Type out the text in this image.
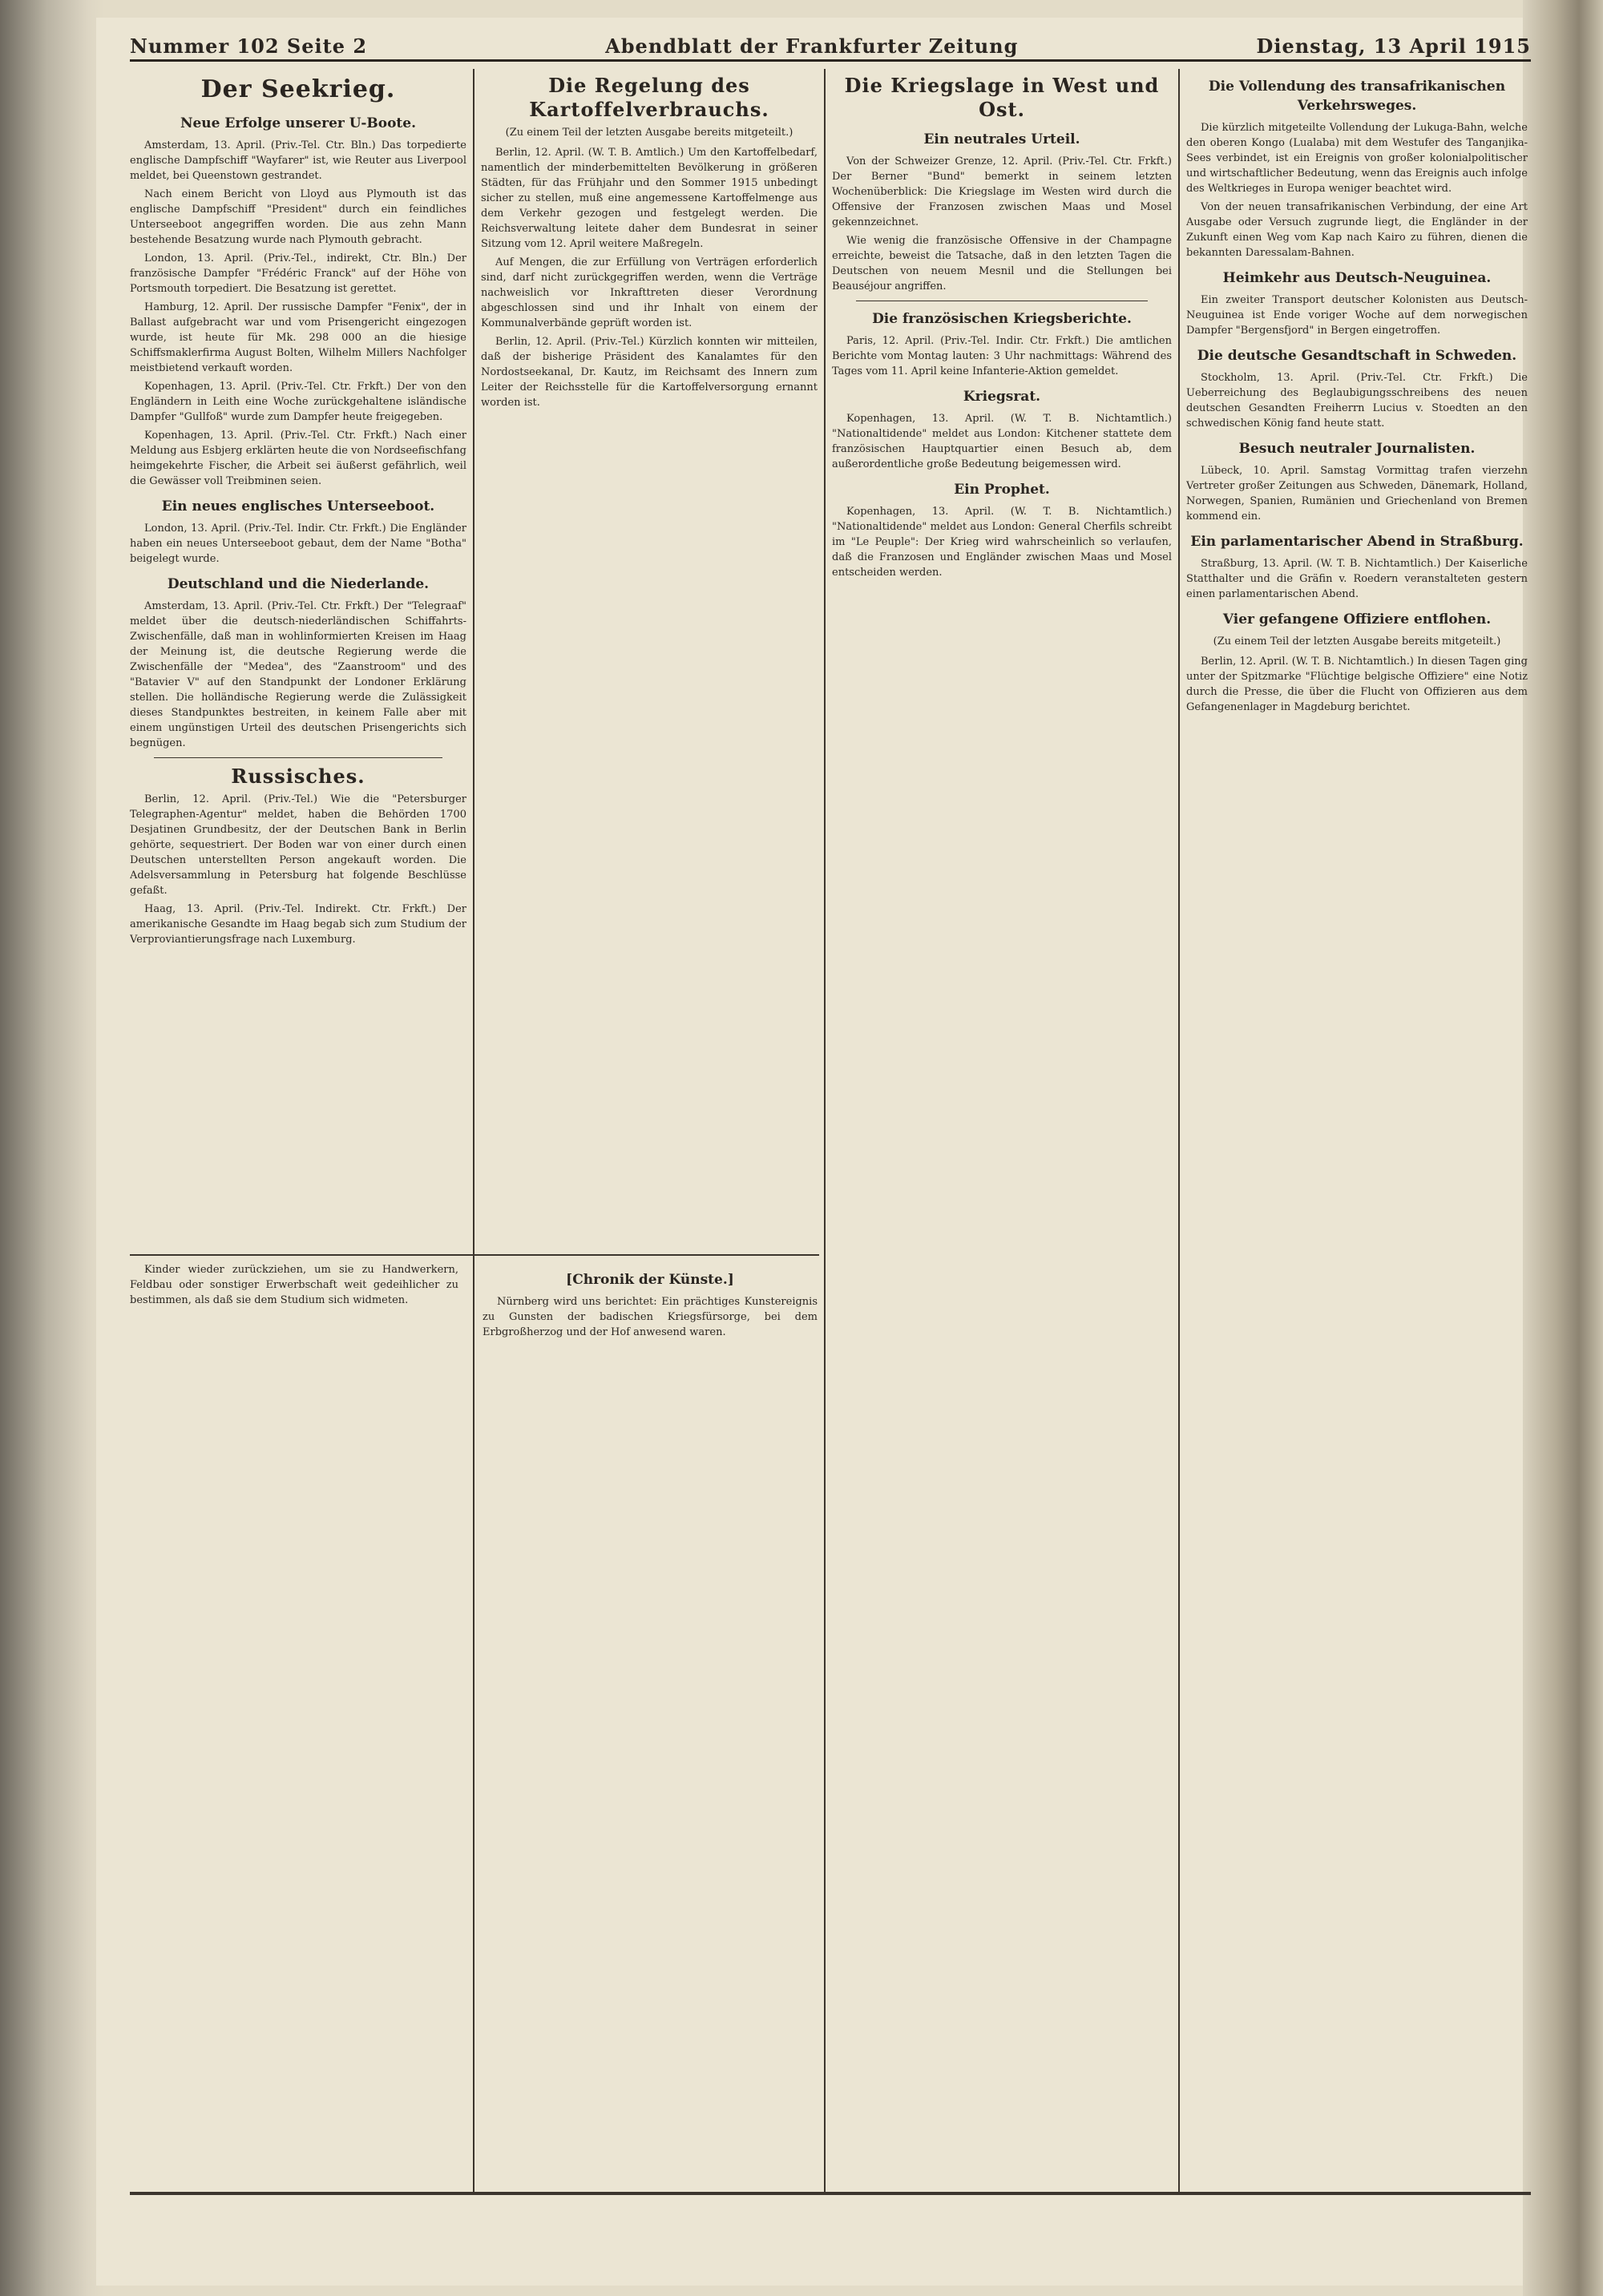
Nummer 102 Seite 2	Abendblatt der Frankfurter Zeitung	Dienstag, 13 April 1915
Der Seekrieg.
Neue Erfolge unserer U-Boote.

Amsterdam, 13. April. (Priv.-Tel. Ctr. Bln.) Das torpedierte englische Dampfschiff "Wayfarer" ist, wie Reuter aus Liverpool meldet, bei Queenstown gestrandet.

Nach einem Bericht von Lloyd aus Plymouth ist das englische Dampfschiff "President" durch ein feindliches Unterseeboot angegriffen worden. Die aus zehn Mann bestehende Besatzung wurde nach Plymouth gebracht.

London, 13. April. (Priv.-Tel., indirekt, Ctr. Bln.) Der französische Dampfer "Frédéric Franck" auf der Höhe von Portsmouth torpediert. Die Besatzung ist gerettet.

Hamburg, 12. April. Der russische Dampfer "Fenix", der in Ballast aufgebracht war und vom Prisengericht eingezogen wurde, ist heute für Mk. 298 000 an die hiesige Schiffsmaklerfirma August Bolten, Wilhelm Millers Nachfolger meistbietend verkauft worden.

Kopenhagen, 13. April. (Priv.-Tel. Ctr. Frkft.) Der von den Engländern in Leith eine Woche zurückgehaltene isländische Dampfer "Gullfoß" wurde zum Dampfer heute freigegeben.

Kopenhagen, 13. April. (Priv.-Tel. Ctr. Frkft.) Nach einer Meldung aus Esbjerg erklärten heute die von Nordseefischfang heimgekehrte Fischer, die Arbeit sei äußerst gefährlich, weil die Gewässer voll Treibminen seien.

Ein neues englisches Unterseeboot.

London, 13. April. (Priv.-Tel. Indir. Ctr. Frkft.) Die Engländer haben ein neues Unterseeboot gebaut, dem der Name "Botha" beigelegt wurde.

Deutschland und die Niederlande.

Amsterdam, 13. April. (Priv.-Tel. Ctr. Frkft.) Der "Telegraaf" meldet über die deutsch-niederländischen Schiffahrts-Zwischenfälle, daß man in wohlinformierten Kreisen im Haag der Meinung ist, die deutsche Regierung werde die Zwischenfälle der "Medea", des "Zaanstroom" und des "Batavier V" auf den Standpunkt der Londoner Erklärung stellen. Die holländische Regierung werde die Zulässigkeit dieses Standpunktes bestreiten, in keinem Falle aber mit einem ungünstigen Urteil des deutschen Prisengerichts sich begnügen.

Russisches.

Berlin, 12. April. (Priv.-Tel.) Wie die "Petersburger Telegraphen-Agentur" meldet, haben die Behörden 1700 Desjatinen Grundbesitz, der der Deutschen Bank in Berlin gehörte, sequestriert. Der Boden war von einer durch einen Deutschen unterstellten Person angekauft worden. Die Adelsversammlung in Petersburg hat folgende Beschlüsse gefaßt.

Haag, 13. April. (Priv.-Tel. Indirekt. Ctr. Frkft.) Der amerikanische Gesandte im Haag begab sich zum Studium der Verproviantierungsfrage nach Luxemburg.

Die Regelung des Kartoffelverbrauchs.
(Zu einem Teil der letzten Ausgabe bereits mitgeteilt.)

Berlin, 12. April. (W. T. B. Amtlich.) Um den Kartoffelbedarf, namentlich der minderbemittelten Bevölkerung in größeren Städten, für das Frühjahr und den Sommer 1915 unbedingt sicher zu stellen, muß eine angemessene Kartoffelmenge aus dem Verkehr gezogen und festgelegt werden. Die Reichsverwaltung leitete daher dem Bundesrat in seiner Sitzung vom 12. April weitere Maßregeln.

Auf Mengen, die zur Erfüllung von Verträgen erforderlich sind, darf nicht zurückgegriffen werden, wenn die Verträge nachweislich vor Inkrafttreten dieser Verordnung abgeschlossen sind und ihr Inhalt von einem der Kommunalverbände geprüft worden ist.

Berlin, 12. April. (Priv.-Tel.) Kürzlich konnten wir mitteilen, daß der bisherige Präsident des Kanalamtes für den Nordostseekanal, Dr. Kautz, im Reichsamt des Innern zum Leiter der Reichsstelle für die Kartoffelversorgung ernannt worden ist.

Die Kriegslage in West und Ost.
Ein neutrales Urteil.

Von der Schweizer Grenze, 12. April. (Priv.-Tel. Ctr. Frkft.) Der Berner "Bund" bemerkt in seinem letzten Wochenüberblick: Die Kriegslage im Westen wird durch die Offensive der Franzosen zwischen Maas und Mosel gekennzeichnet.

Wie wenig die französische Offensive in der Champagne erreichte, beweist die Tatsache, daß in den letzten Tagen die Deutschen von neuem Mesnil und die Stellungen bei Beauséjour angriffen.

Die französischen Kriegsberichte.

Paris, 12. April. (Priv.-Tel. Indir. Ctr. Frkft.) Die amtlichen Berichte vom Montag lauten: 3 Uhr nachmittags: Während des Tages vom 11. April keine Infanterie-Aktion gemeldet.

Kriegsrat.

Kopenhagen, 13. April. (W. T. B. Nichtamtlich.) "Nationaltidende" meldet aus London: Kitchener stattete dem französischen Hauptquartier einen Besuch ab, dem außerordentliche große Bedeutung beigemessen wird.

Ein Prophet.

Kopenhagen, 13. April. (W. T. B. Nichtamtlich.) "Nationaltidende" meldet aus London: General Cherfils schreibt im "Le Peuple": Der Krieg wird wahrscheinlich so verlaufen, daß die Franzosen und Engländer zwischen Maas und Mosel entscheiden werden.

Die Vollendung des transafrikanischen Verkehrsweges.

Die kürzlich mitgeteilte Vollendung der Lukuga-Bahn, welche den oberen Kongo (Lualaba) mit dem Westufer des Tanganjika-Sees verbindet, ist ein Ereignis von großer kolonialpolitischer und wirtschaftlicher Bedeutung, wenn das Ereignis auch infolge des Weltkrieges in Europa weniger beachtet wird.

Von der neuen transafrikanischen Verbindung, der eine Art Ausgabe oder Versuch zugrunde liegt, die Engländer in der Zukunft einen Weg vom Kap nach Kairo zu führen, dienen die bekannten Daressalam-Bahnen.

Heimkehr aus Deutsch-Neuguinea.

Ein zweiter Transport deutscher Kolonisten aus Deutsch-Neuguinea ist Ende voriger Woche auf dem norwegischen Dampfer "Bergensfjord" in Bergen eingetroffen.

Die deutsche Gesandtschaft in Schweden.

Stockholm, 13. April. (Priv.-Tel. Ctr. Frkft.) Die Ueberreichung des Beglaubigungsschreibens des neuen deutschen Gesandten Freiherrn Lucius v. Stoedten an den schwedischen König fand heute statt.

Besuch neutraler Journalisten.

Lübeck, 10. April. Samstag Vormittag trafen vierzehn Vertreter großer Zeitungen aus Schweden, Dänemark, Holland, Norwegen, Spanien, Rumänien und Griechenland von Bremen kommend ein.

Ein parlamentarischer Abend in Straßburg.

Straßburg, 13. April. (W. T. B. Nichtamtlich.) Der Kaiserliche Statthalter und die Gräfin v. Roedern veranstalteten gestern einen parlamentarischen Abend.

Vier gefangene Offiziere entflohen.
(Zu einem Teil der letzten Ausgabe bereits mitgeteilt.)

Berlin, 12. April. (W. T. B. Nichtamtlich.) In diesen Tagen ging unter der Spitzmarke "Flüchtige belgische Offiziere" eine Notiz durch die Presse, die über die Flucht von Offizieren aus dem Gefangenenlager in Magdeburg berichtet.

Kinder wieder zurückziehen, um sie zu Handwerkern, Feldbau oder sonstiger Erwerbschaft weit gedeihlicher zu bestimmen, als daß sie dem Studium sich widmeten.

[Chronik der Künste.]

Nürnberg wird uns berichtet: Ein prächtiges Kunstereignis zu Gunsten der badischen Kriegsfürsorge, bei dem Erbgroßherzog und der Hof anwesend waren.
